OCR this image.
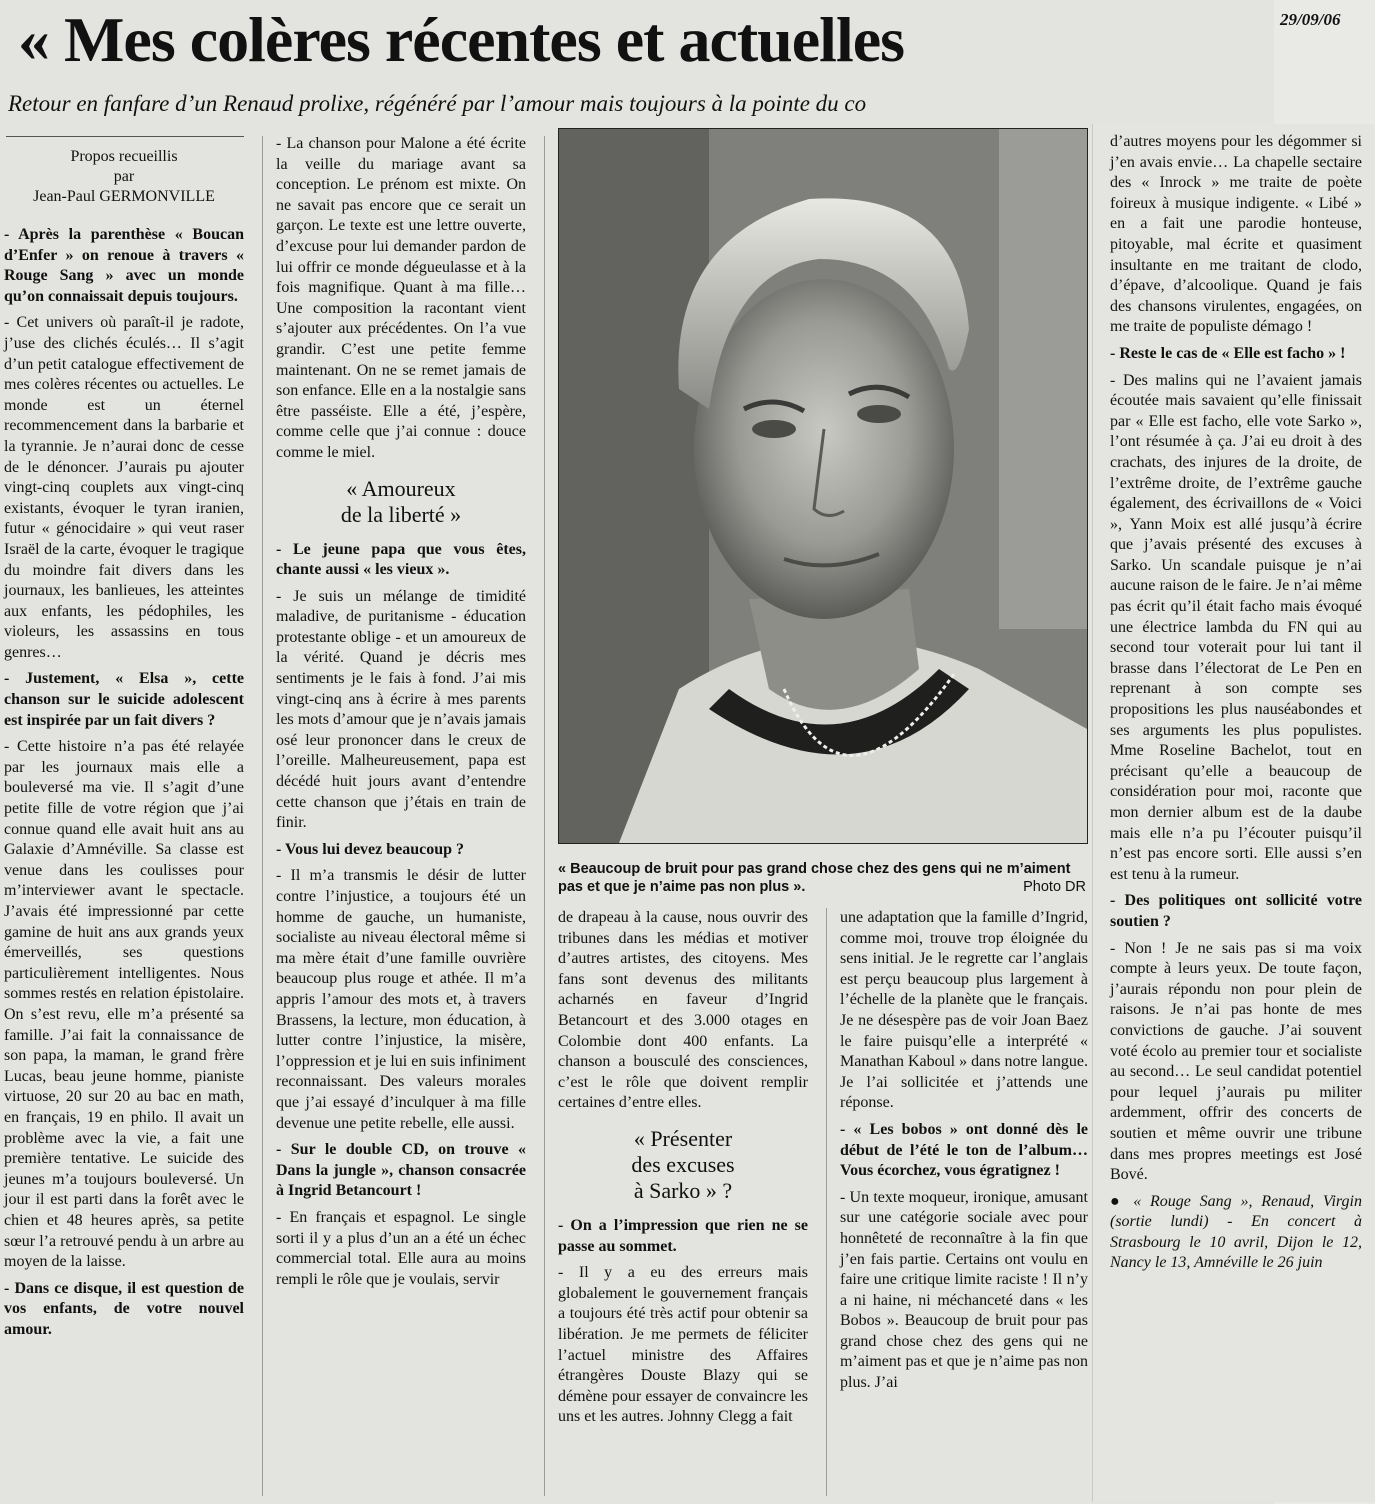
29/09/06
« Mes colères récentes et actuelles
Retour en fanfare d’un Renaud prolixe, régénéré par l’amour mais toujours à la pointe du co
Propos recueillis
par
Jean-Paul GERMONVILLE

- Après la parenthèse « Boucan d’Enfer » on renoue à travers « Rouge Sang » avec un monde qu’on connaissait depuis toujours.

- Cet univers où paraît-il je radote, j’use des clichés éculés… Il s’agit d’un petit catalogue effectivement de mes colères récentes ou actuelles. Le monde est un éternel recommencement dans la barbarie et la tyrannie. Je n’aurai donc de cesse de le dénoncer. J’aurais pu ajouter vingt-cinq couplets aux vingt-cinq existants, évoquer le tyran iranien, futur « génocidaire » qui veut raser Israël de la carte, évoquer le tragique du moindre fait divers dans les journaux, les banlieues, les atteintes aux enfants, les pédophiles, les violeurs, les assassins en tous genres…

- Justement, « Elsa », cette chanson sur le suicide adolescent est inspirée par un fait divers ?

- Cette histoire n’a pas été relayée par les journaux mais elle a bouleversé ma vie. Il s’agit d’une petite fille de votre région que j’ai connue quand elle avait huit ans au Galaxie d’Amnéville. Sa classe est venue dans les coulisses pour m’interviewer avant le spectacle. J’avais été impressionné par cette gamine de huit ans aux grands yeux émerveillés, ses questions particulièrement intelligentes. Nous sommes restés en relation épistolaire. On s’est revu, elle m’a présenté sa famille. J’ai fait la connaissance de son papa, la maman, le grand frère Lucas, beau jeune homme, pianiste virtuose, 20 sur 20 au bac en math, en français, 19 en philo. Il avait un problème avec la vie, a fait une première tentative. Le suicide des jeunes m’a toujours bouleversé. Un jour il est parti dans la forêt avec le chien et 48 heures après, sa petite sœur l’a retrouvé pendu à un arbre au moyen de la laisse.

- Dans ce disque, il est question de vos enfants, de votre nouvel amour.

- La chanson pour Malone a été écrite la veille du mariage avant sa conception. Le prénom est mixte. On ne savait pas encore que ce serait un garçon. Le texte est une lettre ouverte, d’excuse pour lui demander pardon de lui offrir ce monde dégueulasse et à la fois magnifique. Quant à ma fille… Une composition la racontant vient s’ajouter aux précédentes. On l’a vue grandir. C’est une petite femme maintenant. On ne se remet jamais de son enfance. Elle en a la nostalgie sans être passéiste. Elle a été, j’espère, comme celle que j’ai connue : douce comme le miel.

« Amoureux
de la liberté »

- Le jeune papa que vous êtes, chante aussi « les vieux ».

- Je suis un mélange de timidité maladive, de puritanisme - éducation protestante oblige - et un amoureux de la vérité. Quand je décris mes sentiments je le fais à fond. J’ai mis vingt-cinq ans à écrire à mes parents les mots d’amour que je n’avais jamais osé leur prononcer dans le creux de l’oreille. Malheureusement, papa est décédé huit jours avant d’entendre cette chanson que j’étais en train de finir.

- Vous lui devez beaucoup ?

- Il m’a transmis le désir de lutter contre l’injustice, a toujours été un homme de gauche, un humaniste, socialiste au niveau électoral même si ma mère était d’une famille ouvrière beaucoup plus rouge et athée. Il m’a appris l’amour des mots et, à travers Brassens, la lecture, mon éducation, à lutter contre l’injustice, la misère, l’oppression et je lui en suis infiniment reconnaissant. Des valeurs morales que j’ai essayé d’inculquer à ma fille devenue une petite rebelle, elle aussi.

- Sur le double CD, on trouve « Dans la jungle », chanson consacrée à Ingrid Betancourt !

- En français et espagnol. Le single sorti il y a plus d’un an a été un échec commercial total. Elle aura au moins rempli le rôle que je voulais, servir

« Beaucoup de bruit pour pas grand chose chez des gens qui ne m’aiment pas et que je n’aime pas non plus ».	Photo DR

de drapeau à la cause, nous ouvrir des tribunes dans les médias et motiver d’autres artistes, des citoyens. Mes fans sont devenus des militants acharnés en faveur d’Ingrid Betancourt et des 3.000 otages en Colombie dont 400 enfants. La chanson a bousculé des consciences, c’est le rôle que doivent remplir certaines d’entre elles.

« Présenter
des excuses
à Sarko » ?

- On a l’impression que rien ne se passe au sommet.

- Il y a eu des erreurs mais globalement le gouvernement français a toujours été très actif pour obtenir sa libération. Je me permets de féliciter l’actuel ministre des Affaires étrangères Douste Blazy qui se démène pour essayer de convaincre les uns et les autres. Johnny Clegg a fait

une adaptation que la famille d’Ingrid, comme moi, trouve trop éloignée du sens initial. Je le regrette car l’anglais est perçu beaucoup plus largement à l’échelle de la planète que le français. Je ne désespère pas de voir Joan Baez le faire puisqu’elle a interprété « Manathan Kaboul » dans notre langue. Je l’ai sollicitée et j’attends une réponse.

- « Les bobos » ont donné dès le début de l’été le ton de l’album… Vous écorchez, vous égratignez !

- Un texte moqueur, ironique, amusant sur une catégorie sociale avec pour honnêteté de reconnaître à la fin que j’en fais partie. Certains ont voulu en faire une critique limite raciste ! Il n’y a ni haine, ni méchanceté dans « les Bobos ». Beaucoup de bruit pour pas grand chose chez des gens qui ne m’aiment pas et que je n’aime pas non plus. J’ai

d’autres moyens pour les dégommer si j’en avais envie… La chapelle sectaire des « Inrock » me traite de poète foireux à musique indigente. « Libé » en a fait une parodie honteuse, pitoyable, mal écrite et quasiment insultante en me traitant de clodo, d’épave, d’alcoolique. Quand je fais des chansons virulentes, engagées, on me traite de populiste démago !

- Reste le cas de « Elle est facho » !

- Des malins qui ne l’avaient jamais écoutée mais savaient qu’elle finissait par « Elle est facho, elle vote Sarko », l’ont résumée à ça. J’ai eu droit à des crachats, des injures de la droite, de l’extrême droite, de l’extrême gauche également, des écrivaillons de « Voici », Yann Moix est allé jusqu’à écrire que j’avais présenté des excuses à Sarko. Un scandale puisque je n’ai aucune raison de le faire. Je n’ai même pas écrit qu’il était facho mais évoqué une électrice lambda du FN qui au second tour voterait pour lui tant il brasse dans l’électorat de Le Pen en reprenant à son compte ses propositions les plus nauséabondes et ses arguments les plus populistes. Mme Roseline Bachelot, tout en précisant qu’elle a beaucoup de considération pour moi, raconte que mon dernier album est de la daube mais elle n’a pu l’écouter puisqu’il n’est pas encore sorti. Elle aussi s’en est tenu à la rumeur.

- Des politiques ont sollicité votre soutien ?

- Non ! Je ne sais pas si ma voix compte à leurs yeux. De toute façon, j’aurais répondu non pour plein de raisons. Je n’ai pas honte de mes convictions de gauche. J’ai souvent voté écolo au premier tour et socialiste au second… Le seul candidat potentiel pour lequel j’aurais pu militer ardemment, offrir des concerts de soutien et même ouvrir une tribune dans mes propres meetings est José Bové.

● « Rouge Sang », Renaud, Virgin (sortie lundi) - En concert à Strasbourg le 10 avril, Dijon le 12, Nancy le 13, Amnéville le 26 juin
